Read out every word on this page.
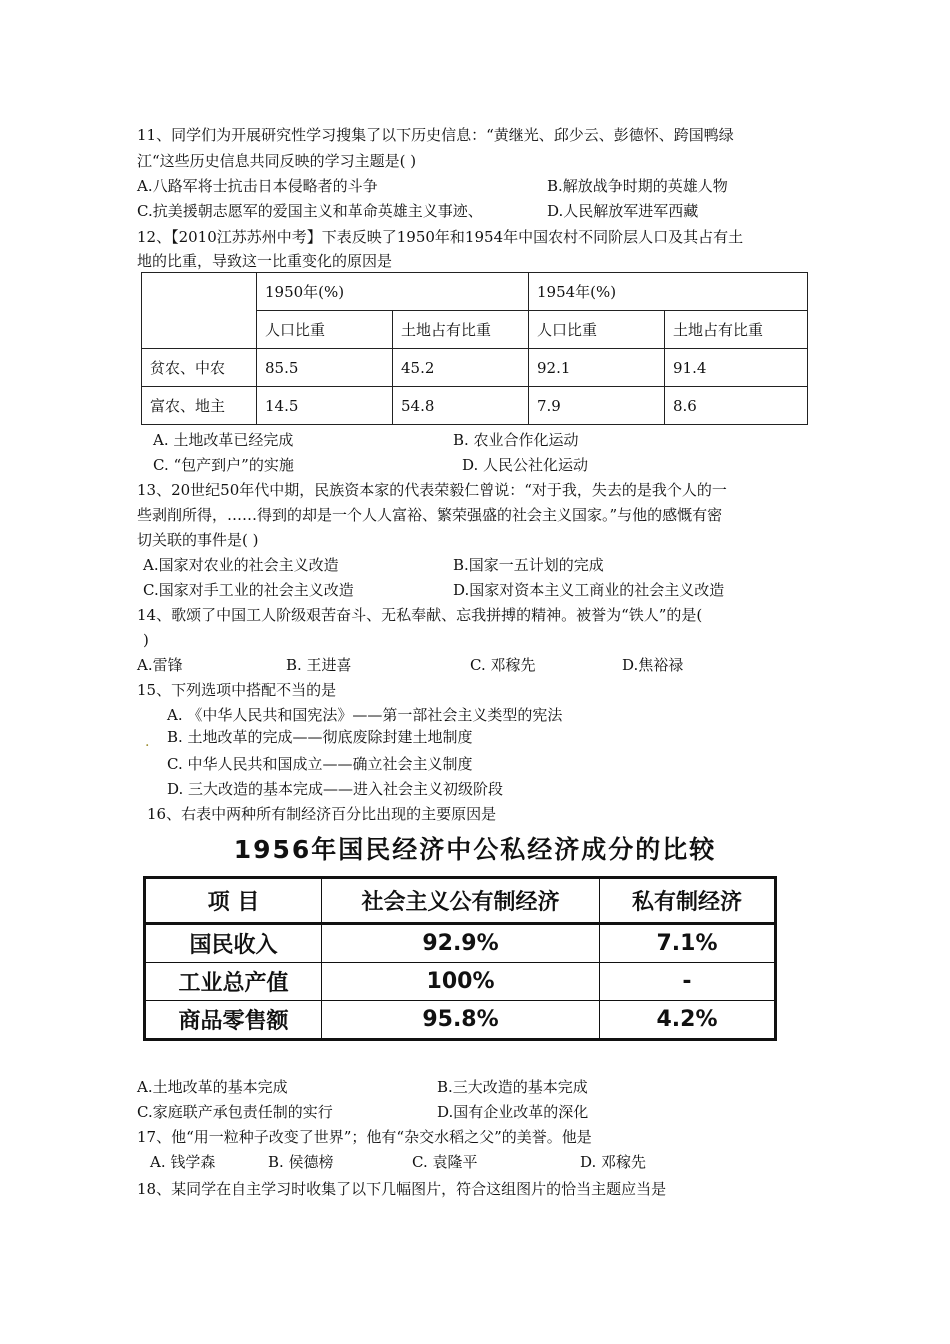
11、同学们为开展研究性学习搜集了以下历史信息：“黄继光、邱少云、彭德怀、跨国鸭绿
江“这些历史信息共同反映的学习主题是( )
A.八路军将士抗击日本侵略者的斗争	B.解放战争时期的英雄人物
C.抗美援朝志愿军的爱国主义和革命英雄主义事迹、	D.人民解放军进军西藏
12、【2010江苏苏州中考】下表反映了1950年和1954年中国农村不同阶层人口及其占有土
地的比重，导致这一比重变化的原因是
	1950年(%)		1954年(%)	
	人口比重	土地占有比重	人口比重	土地占有比重
贫农、中农	85.5	45.2	92.1	91.4
富农、地主	14.5	54.8	7.9	8.6
A. 土地改革已经完成	B. 农业合作化运动
C. “包产到户”的实施	D. 人民公社化运动
13、20世纪50年代中期，民族资本家的代表荣毅仁曾说：“对于我，失去的是我个人的一
些剥削所得，……得到的却是一个人人富裕、繁荣强盛的社会主义国家。”与他的感慨有密
切关联的事件是( )
A.国家对农业的社会主义改造	B.国家一五计划的完成
C.国家对手工业的社会主义改造	D.国家对资本主义工商业的社会主义改造
14、歌颂了中国工人阶级艰苦奋斗、无私奉献、忘我拼搏的精神。被誉为“铁人”的是(
)
A.雷锋	B. 王进喜	C. 邓稼先	D.焦裕禄
15、下列选项中搭配不当的是
A. 《中华人民共和国宪法》——第一部社会主义类型的宪法
. B. 土地改革的完成——彻底废除封建土地制度
C. 中华人民共和国成立——确立社会主义制度
D. 三大改造的基本完成——进入社会主义初级阶段
16、右表中两种所有制经济百分比出现的主要原因是
1956年国民经济中公私经济成分的比较
项 目	社会主义公有制经济	私有制经济
国民收入	92.9%	7.1%
工业总产值	100%	-
商品零售额	95.8%	4.2%
A.土地改革的基本完成	B.三大改造的基本完成
C.家庭联产承包责任制的实行	D.国有企业改革的深化
17、他“用一粒种子改变了世界”；他有“杂交水稻之父”的美誉。他是
A. 钱学森	B. 侯德榜	C. 袁隆平	D. 邓稼先
18、某同学在自主学习时收集了以下几幅图片，符合这组图片的恰当主题应当是
